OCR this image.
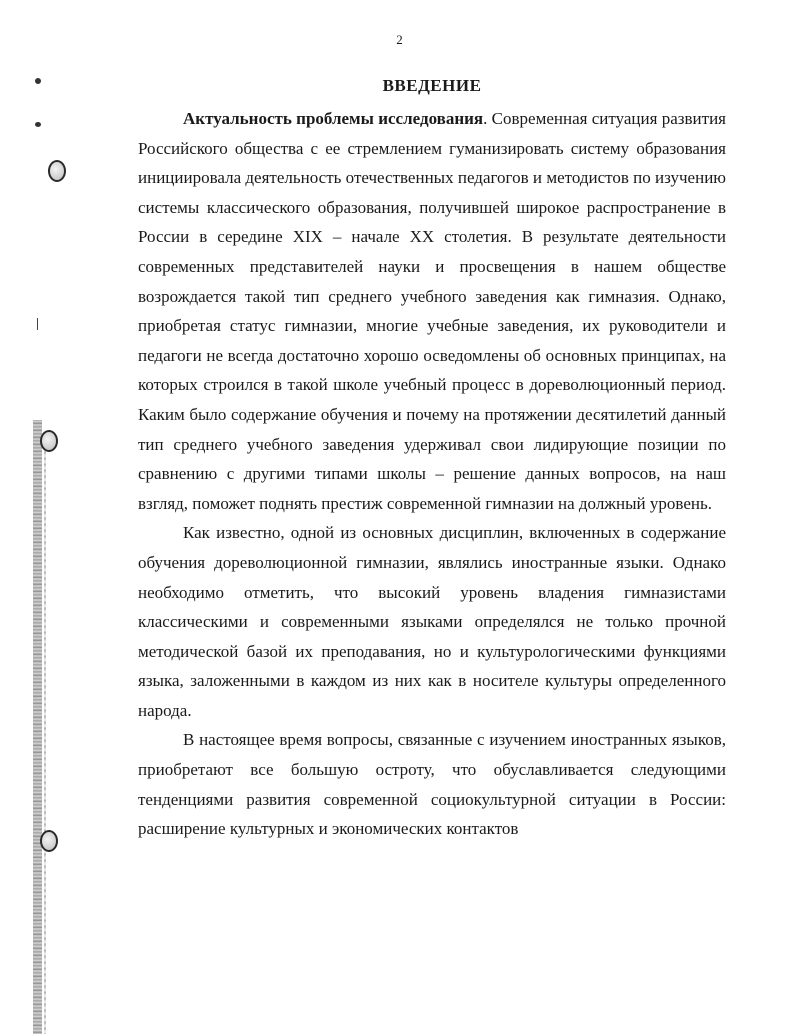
2
ВВЕДЕНИЕ

Актуальность проблемы исследования. Современная ситуация развития Российского общества с ее стремлением гуманизировать систему образования инициировала деятельность отечественных педагогов и методистов по изучению системы классического образования, получившей широкое распространение в России в середине XIX – начале XX столетия. В результате деятельности современных представителей науки и просвещения в нашем обществе возрождается такой тип среднего учебного заведения как гимназия. Однако, приобретая статус гимназии, многие учебные заведения, их руководители и педагоги не всегда достаточно хорошо осведомлены об основных принципах, на которых строился в такой школе учебный процесс в дореволюционный период. Каким было содержание обучения и почему на протяжении десятилетий данный тип среднего учебного заведения удерживал свои лидирующие позиции по сравнению с другими типами школы – решение данных вопросов, на наш взгляд, поможет поднять престиж современной гимназии на должный уровень.

Как известно, одной из основных дисциплин, включенных в содержание обучения дореволюционной гимназии, являлись иностранные языки. Однако необходимо отметить, что высокий уровень владения гимназистами классическими и современными языками определялся не только прочной методической базой их преподавания, но и культурологическими функциями языка, заложенными в каждом из них как в носителе культуры определенного народа.

В настоящее время вопросы, связанные с изучением иностранных языков, приобретают все большую остроту, что обуславливается следующими тенденциями развития современной социокультурной ситуации в России: расширение культурных и экономических контактов
